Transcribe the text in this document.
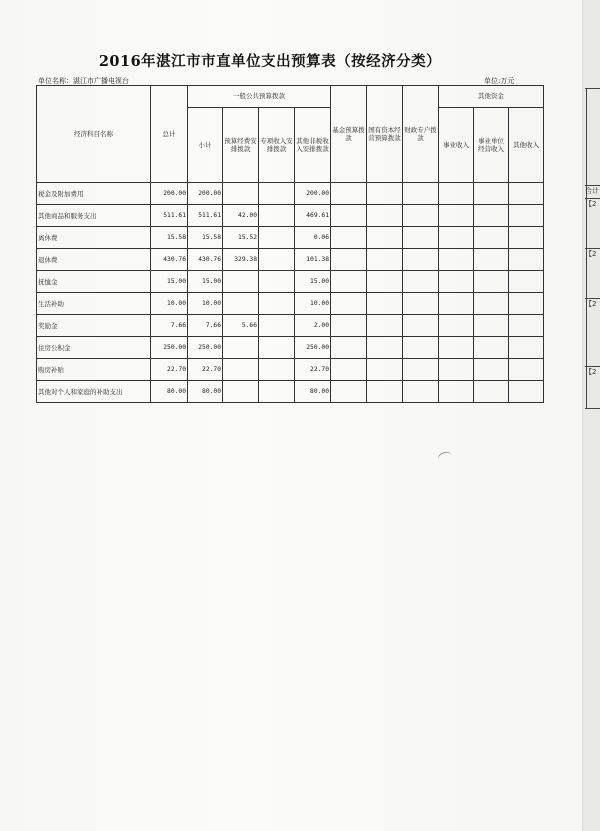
2016年湛江市市直单位支出预算表（按经济分类）
单位名称：湛江市广播电视台	单位:万元
经济科目名称	总计	一般公共预算拨款				基金预算拨款	国有资本经营预算拨款	财政专户拨款	其他资金		
		小计	预算经费安排拨款	专项收入安排拨款	其他非税收入安排拨款				事业收入	事业单位经营收入	其他收入
税金及附加费用	200.00	200.00			200.00						
其他商品和服务支出	511.61	511.61	42.00		469.61						
离休费	15.58	15.58	15.52		0.06						
退休费	430.76	430.76	329.38		101.38						
抚恤金	15.00	15.00			15.00						
生活补助	10.00	10.00			10.00						
奖励金	7.66	7.66	5.66		2.00						
住房公积金	250.00	250.00			250.00						
购房补贴	22.70	22.70			22.70						
其他对个人和家庭的补助支出	80.00	80.00			80.00						
合计
【2
【2
【2
【2
